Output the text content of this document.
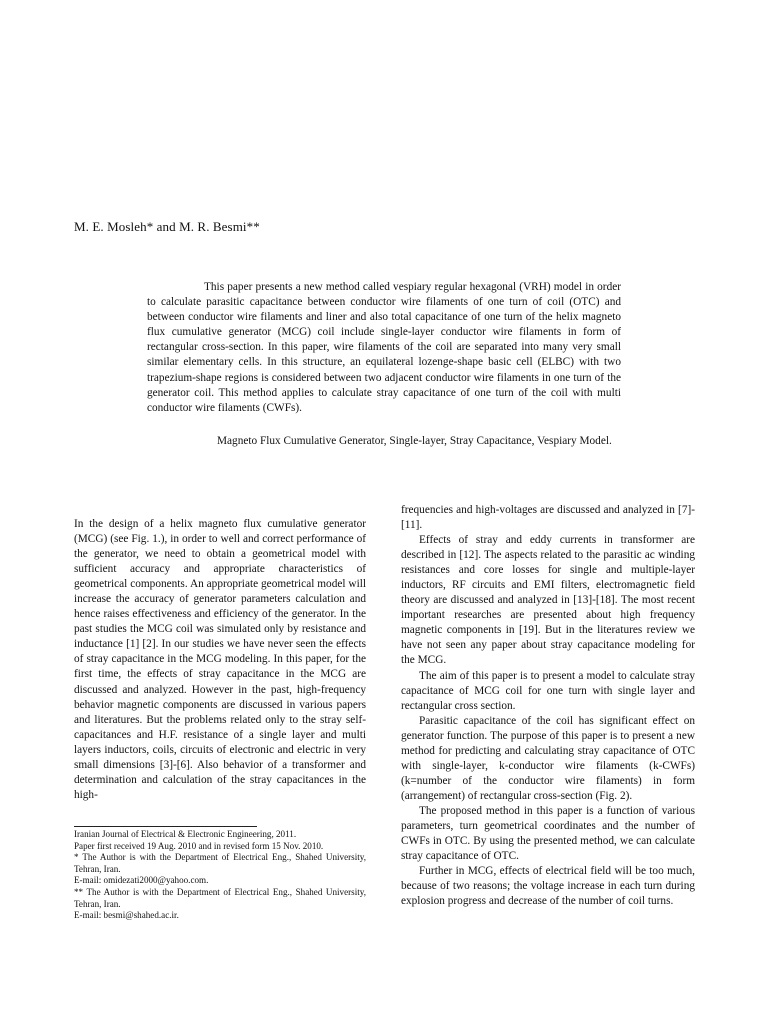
M. E. Mosleh* and M. R. Besmi**
This paper presents a new method called vespiary regular hexagonal (VRH) model in order to calculate parasitic capacitance between conductor wire filaments of one turn of coil (OTC) and between conductor wire filaments and liner and also total capacitance of one turn of the helix magneto flux cumulative generator (MCG) coil include single-layer conductor wire filaments in form of rectangular cross-section. In this paper, wire filaments of the coil are separated into many very small similar elementary cells. In this structure, an equilateral lozenge-shape basic cell (ELBC) with two trapezium-shape regions is considered between two adjacent conductor wire filaments in one turn of the generator coil. This method applies to calculate stray capacitance of one turn of the coil with multi conductor wire filaments (CWFs).
Magneto Flux Cumulative Generator, Single-layer, Stray Capacitance, Vespiary Model.

In the design of a helix magneto flux cumulative generator (MCG) (see Fig. 1.), in order to well and correct performance of the generator, we need to obtain a geometrical model with sufficient accuracy and appropriate characteristics of geometrical components. An appropriate geometrical model will increase the accuracy of generator parameters calculation and hence raises effectiveness and efficiency of the generator. In the past studies the MCG coil was simulated only by resistance and inductance [1] [2]. In our studies we have never seen the effects of stray capacitance in the MCG modeling. In this paper, for the first time, the effects of stray capacitance in the MCG are discussed and analyzed. However in the past, high-frequency behavior magnetic components are discussed in various papers and literatures. But the problems related only to the stray self-capacitances and H.F. resistance of a single layer and multi layers inductors, coils, circuits of electronic and electric in very small dimensions [3]-[6]. Also behavior of a transformer and determination and calculation of the stray capacitances in the high-

frequencies and high-voltages are discussed and analyzed in [7]-[11].

Effects of stray and eddy currents in transformer are described in [12]. The aspects related to the parasitic ac winding resistances and core losses for single and multiple-layer inductors, RF circuits and EMI filters, electromagnetic field theory are discussed and analyzed in [13]-[18]. The most recent important researches are presented about high frequency magnetic components in [19]. But in the literatures review we have not seen any paper about stray capacitance modeling for the MCG.

The aim of this paper is to present a model to calculate stray capacitance of MCG coil for one turn with single layer and rectangular cross section.

Parasitic capacitance of the coil has significant effect on generator function. The purpose of this paper is to present a new method for predicting and calculating stray capacitance of OTC with single-layer, k-conductor wire filaments (k-CWFs) (k=number of the conductor wire filaments) in form (arrangement) of rectangular cross-section (Fig. 2).

The proposed method in this paper is a function of various parameters, turn geometrical coordinates and the number of CWFs in OTC. By using the presented method, we can calculate stray capacitance of OTC.

Further in MCG, effects of electrical field will be too much, because of two reasons; the voltage increase in each turn during explosion progress and decrease of the number of coil turns.

Iranian Journal of Electrical & Electronic Engineering, 2011.

Paper first received 19 Aug. 2010 and in revised form 15 Nov. 2010.

* The Author is with the Department of Electrical Eng., Shahed University, Tehran, Iran.

E-mail: omidezati2000@yahoo.com.

** The Author is with the Department of Electrical Eng., Shahed University, Tehran, Iran.

E-mail: besmi@shahed.ac.ir.
